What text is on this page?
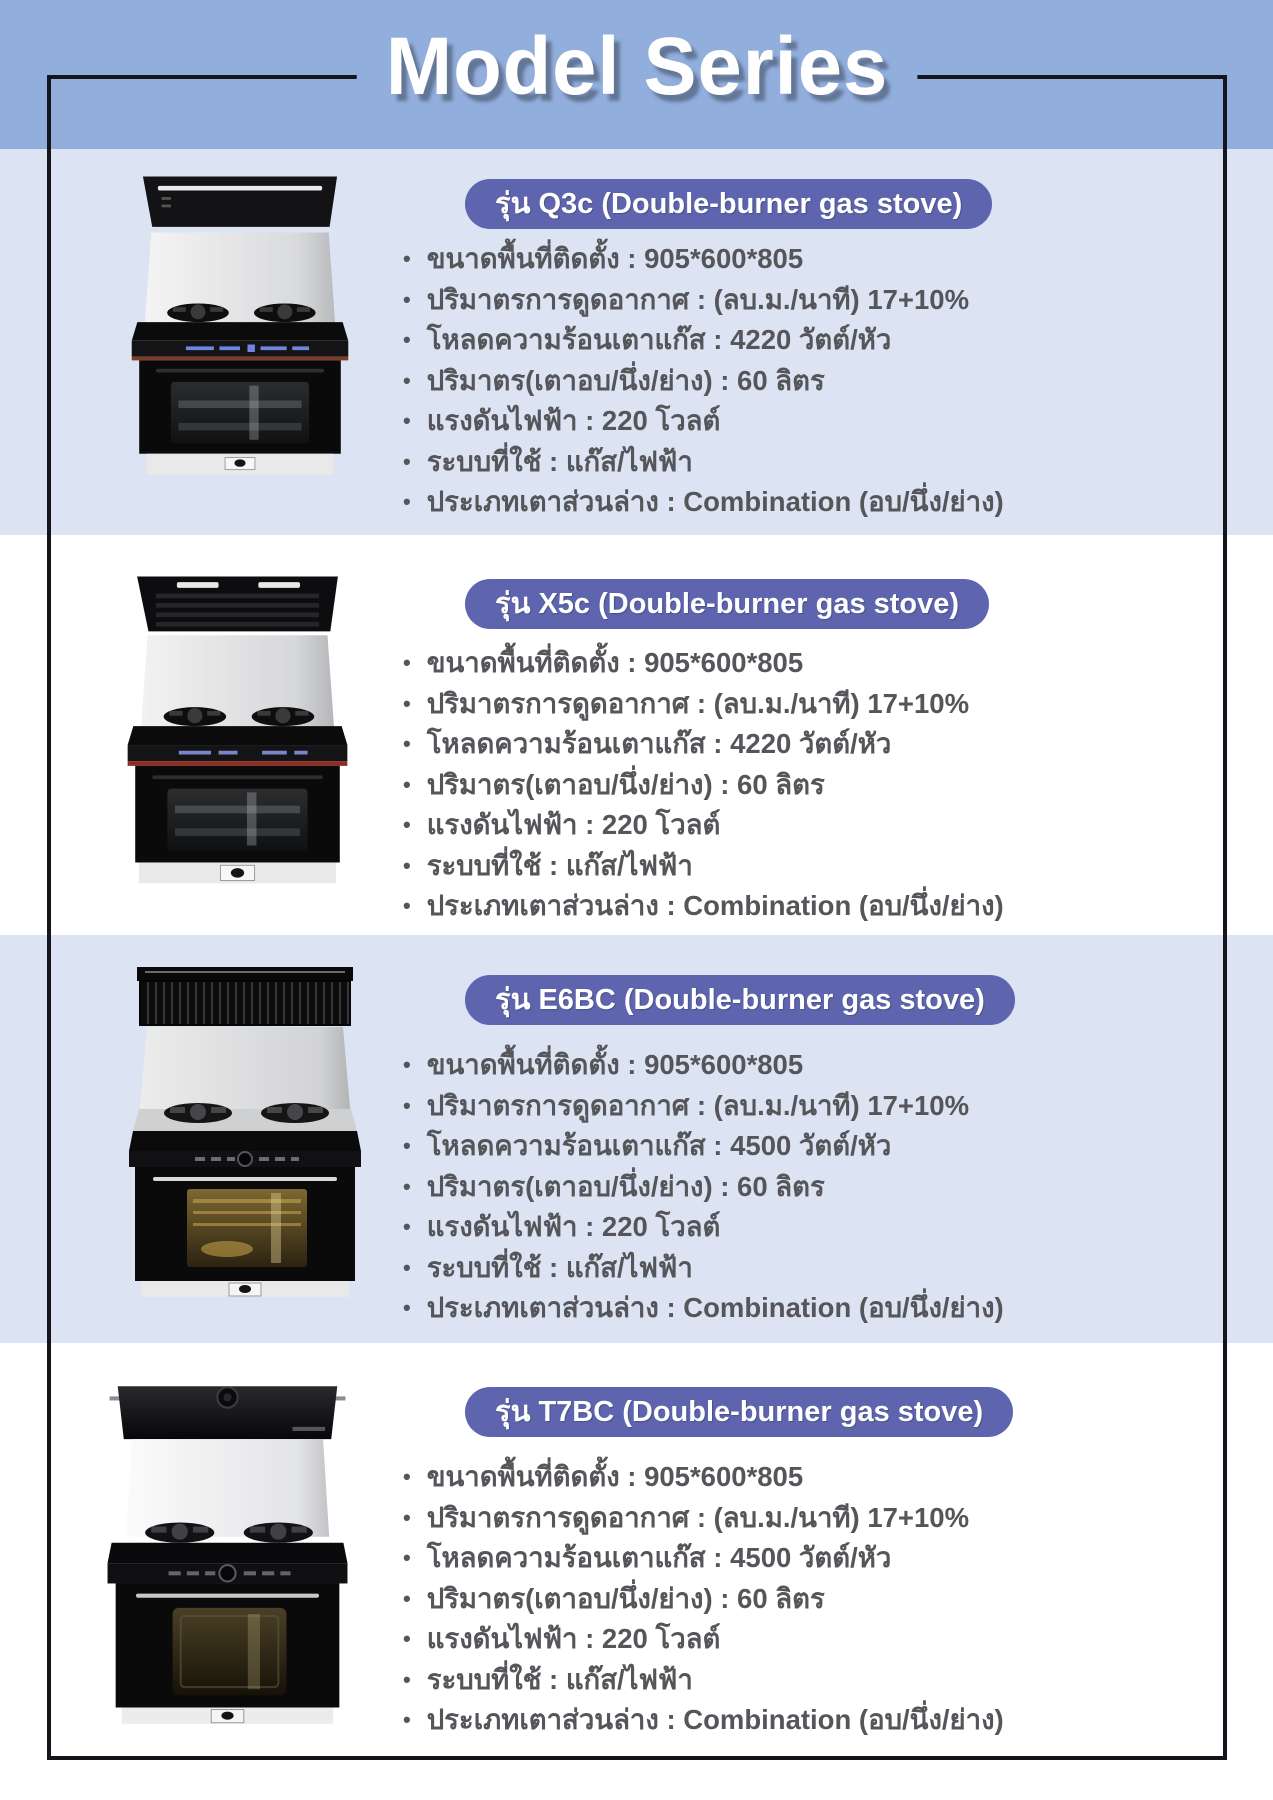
Model Series
รุ่น Q3c (Double-burner gas stove)
• ขนาดพื้นที่ติดตั้ง : 905*600*805
• ปริมาตรการดูดอากาศ : (ลบ.ม./นาที) 17+10%
• โหลดความร้อนเตาแก๊ส : 4220 วัตต์/หัว
• ปริมาตร(เตาอบ/นึ่ง/ย่าง) : 60 ลิตร
• แรงดันไฟฟ้า : 220 โวลต์
• ระบบที่ใช้ : แก๊ส/ไฟฟ้า
• ประเภทเตาส่วนล่าง : Combination (อบ/นึ่ง/ย่าง)
รุ่น X5c (Double-burner gas stove)
• ขนาดพื้นที่ติดตั้ง : 905*600*805
• ปริมาตรการดูดอากาศ : (ลบ.ม./นาที) 17+10%
• โหลดความร้อนเตาแก๊ส : 4220 วัตต์/หัว
• ปริมาตร(เตาอบ/นึ่ง/ย่าง) : 60 ลิตร
• แรงดันไฟฟ้า : 220 โวลต์
• ระบบที่ใช้ : แก๊ส/ไฟฟ้า
• ประเภทเตาส่วนล่าง : Combination (อบ/นึ่ง/ย่าง)
รุ่น E6BC (Double-burner gas stove)
• ขนาดพื้นที่ติดตั้ง : 905*600*805
• ปริมาตรการดูดอากาศ : (ลบ.ม./นาที) 17+10%
• โหลดความร้อนเตาแก๊ส : 4500 วัตต์/หัว
• ปริมาตร(เตาอบ/นึ่ง/ย่าง) : 60 ลิตร
• แรงดันไฟฟ้า : 220 โวลต์
• ระบบที่ใช้ : แก๊ส/ไฟฟ้า
• ประเภทเตาส่วนล่าง : Combination (อบ/นึ่ง/ย่าง)
รุ่น T7BC (Double-burner gas stove)
• ขนาดพื้นที่ติดตั้ง : 905*600*805
• ปริมาตรการดูดอากาศ : (ลบ.ม./นาที) 17+10%
• โหลดความร้อนเตาแก๊ส : 4500 วัตต์/หัว
• ปริมาตร(เตาอบ/นึ่ง/ย่าง) : 60 ลิตร
• แรงดันไฟฟ้า : 220 โวลต์
• ระบบที่ใช้ : แก๊ส/ไฟฟ้า
• ประเภทเตาส่วนล่าง : Combination (อบ/นึ่ง/ย่าง)
